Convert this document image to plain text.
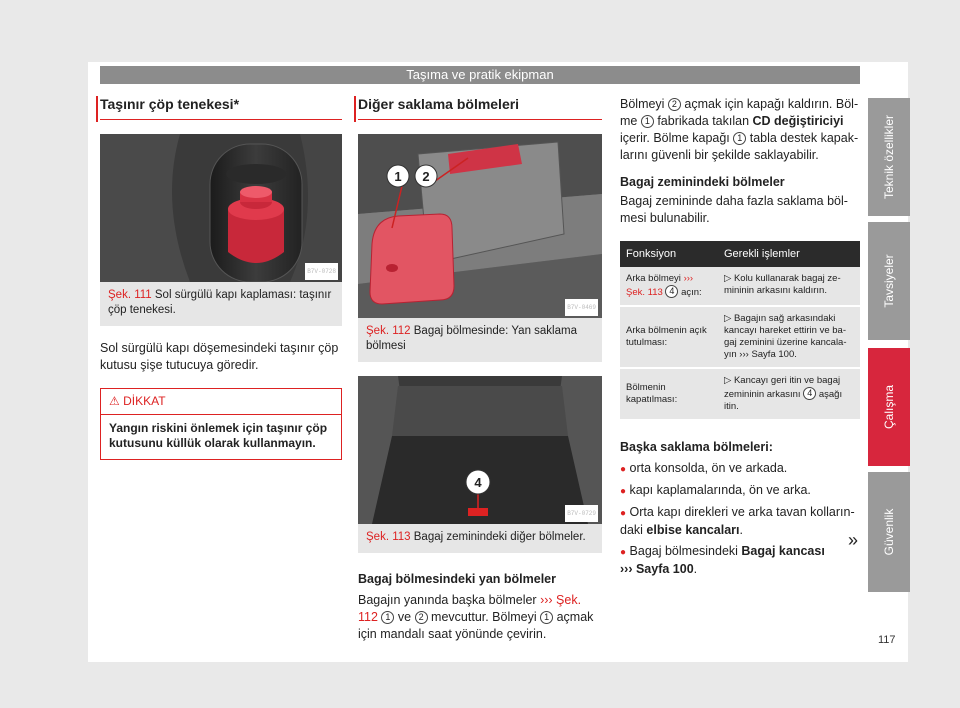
Taşıma ve pratik ekipman
Taşınır çöp tenekesi*
B7V-0728
Şek. 111 Sol sürgülü kapı kaplaması: taşınır çöp tenekesi.

Sol sürgülü kapı döşemesindeki taşınır çöp kutusu şişe tutucuya göredir.

⚠ DİKKAT
Yangın riskini önlemek için taşınır çöp kutusunu küllük olarak kullanmayın.
Diğer saklama bölmeleri
1 2
B7V-0469
Şek. 112 Bagaj bölmesinde: Yan saklama bölmesi
4
B7V-0729
Şek. 113 Bagaj zeminindeki diğer bölmeler.
Bagaj bölmesindeki yan bölmeler
Bagajın yanında başka bölmeler ››› Şek. 112 1 ve 2 mevcuttur. Bölmeyi 1 açmak için mandalı saat yönünde çevirin.
Bölmeyi 2 açmak için kapağı kaldırın. Bölme 1 fabrikada takılan CD değiştiriciyi içerir. Bölme kapağı 1 tabla destek kapaklarını güvenli bir şekilde saklayabilir.
Bagaj zeminindeki bölmeler
Bagaj zemininde daha fazla saklama bölmesi bulunabilir.
Fonksiyon	Gerekli işlemler
Arka bölmeyi ››› Şek. 113 4 açın:	▷ Kolu kullanarak bagaj zemininin arkasını kaldırın.
Arka bölmenin açık tutulması:	▷ Bagajın sağ arkasındaki kancayı hareket ettirin ve bagaj zeminini üzerine kancalayın ››› Sayfa 100.
Bölmenin kapatılması:	▷ Kancayı geri itin ve bagaj zemininin arkasını 4 aşağı itin.
Başka saklama bölmeleri:
● orta konsolda, ön ve arkada.
● kapı kaplamalarında, ön ve arka.
● Orta kapı direkleri ve arka tavan kollarındaki elbise kancaları.
● Bagaj bölmesindeki Bagaj kancası
››› Sayfa 100.
»
Teknik özellikler
Tavsiyeler
Çalışma
Güvenlik
117
